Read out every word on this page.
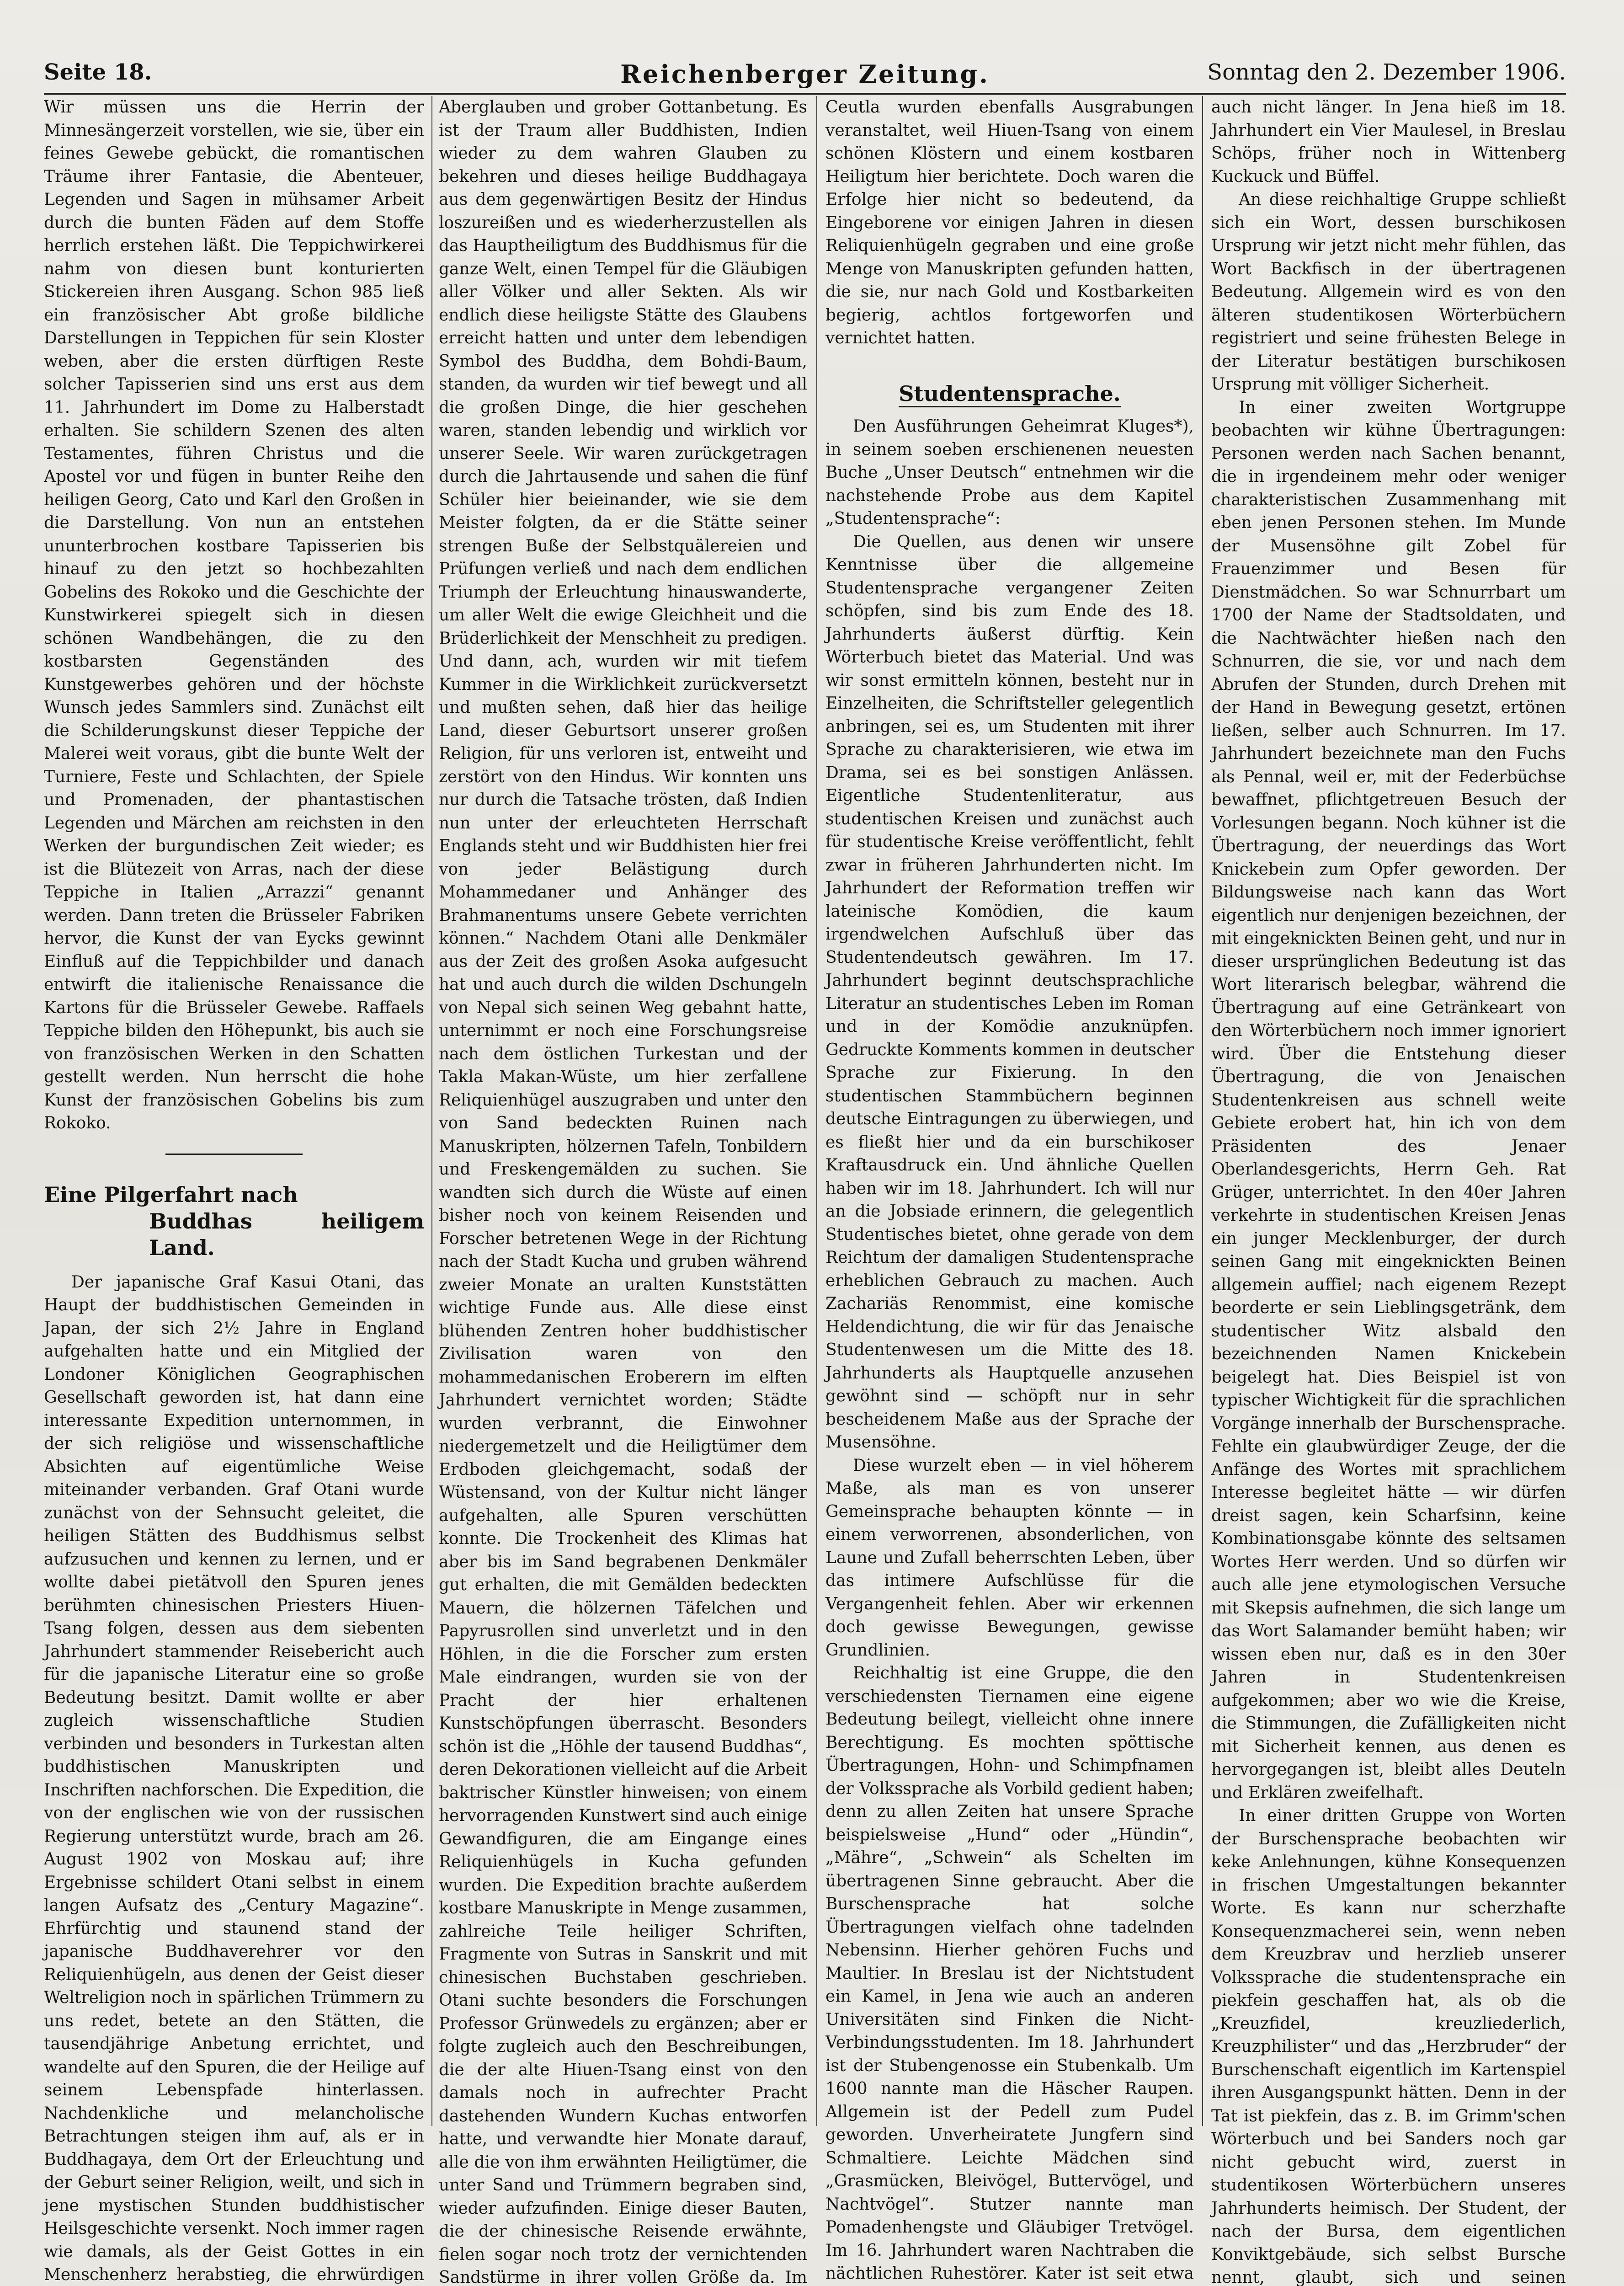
Reichenberger Zeitung.
Seite 18.	Sonntag den 2. Dezember 1906.

Wir müssen uns die Herrin der Minnesängerzeit vorstellen, wie sie, über ein feines Gewebe gebückt, die romantischen Träume ihrer Fantasie, die Abenteuer, Legenden und Sagen in mühsamer Arbeit durch die bunten Fäden auf dem Stoffe herrlich erstehen läßt. Die Teppichwirkerei nahm von diesen bunt konturierten Stickereien ihren Ausgang. Schon 985 ließ ein französischer Abt große bildliche Darstellungen in Teppichen für sein Kloster weben, aber die ersten dürftigen Reste solcher Tapisserien sind uns erst aus dem 11. Jahrhundert im Dome zu Halberstadt erhalten. Sie schildern Szenen des alten Testamentes, führen Christus und die Apostel vor und fügen in bunter Reihe den heiligen Georg, Cato und Karl den Großen in die Darstellung. Von nun an entstehen ununterbrochen kostbare Tapisserien bis hinauf zu den jetzt so hochbezahlten Gobelins des Rokoko und die Geschichte der Kunstwirkerei spiegelt sich in diesen schönen Wandbehängen, die zu den kostbarsten Gegenständen des Kunstgewerbes gehören und der höchste Wunsch jedes Sammlers sind. Zunächst eilt die Schilderungskunst dieser Teppiche der Malerei weit voraus, gibt die bunte Welt der Turniere, Feste und Schlachten, der Spiele und Promenaden, der phantastischen Legenden und Märchen am reichsten in den Werken der burgundischen Zeit wieder; es ist die Blütezeit von Arras, nach der diese Teppiche in Italien „Arrazzi“ genannt werden. Dann treten die Brüsseler Fabriken hervor, die Kunst der van Eycks gewinnt Einfluß auf die Teppichbilder und danach entwirft die italienische Renaissance die Kartons für die Brüsseler Gewebe. Raffaels Teppiche bilden den Höhepunkt, bis auch sie von französischen Werken in den Schatten gestellt werden. Nun herrscht die hohe Kunst der französischen Gobelins bis zum Rokoko.

Eine Pilgerfahrt nach
Buddhas heiligem Land.

Der japanische Graf Kasui Otani, das Haupt der buddhistischen Gemeinden in Japan, der sich 2½ Jahre in England aufgehalten hatte und ein Mitglied der Londoner Königlichen Geographischen Gesellschaft geworden ist, hat dann eine interessante Expedition unternommen, in der sich religiöse und wissenschaftliche Absichten auf eigentümliche Weise miteinander verbanden. Graf Otani wurde zunächst von der Sehnsucht geleitet, die heiligen Stätten des Buddhismus selbst aufzusuchen und kennen zu lernen, und er wollte dabei pietätvoll den Spuren jenes berühmten chinesischen Priesters Hiuen-Tsang folgen, dessen aus dem siebenten Jahrhundert stammender Reisebericht auch für die japanische Literatur eine so große Bedeutung besitzt. Damit wollte er aber zugleich wissenschaftliche Studien verbinden und besonders in Turkestan alten buddhistischen Manuskripten und Inschriften nachforschen. Die Expedition, die von der englischen wie von der russischen Regierung unterstützt wurde, brach am 26. August 1902 von Moskau auf; ihre Ergebnisse schildert Otani selbst in einem langen Aufsatz des „Century Magazine“. Ehrfürchtig und staunend stand der japanische Buddhaverehrer vor den Reliquienhügeln, aus denen der Geist dieser Weltreligion noch in spärlichen Trümmern zu uns redet, betete an den Stätten, die tausendjährige Anbetung errichtet, und wandelte auf den Spuren, die der Heilige auf seinem Lebenspfade hinterlassen. Nachdenkliche und melancholische Betrachtungen steigen ihm auf, als er in Buddhagaya, dem Ort der Erleuchtung und der Geburt seiner Religion, weilt, und sich in jene mystischen Stunden buddhistischer Heilsgeschichte versenkt. Noch immer ragen wie damals, als der Geist Gottes in ein Menschenherz herabstieg, die ehrwürdigen

Aberglauben und grober Gottanbetung. Es ist der Traum aller Buddhisten, Indien wieder zu dem wahren Glauben zu bekehren und dieses heilige Buddhagaya aus dem gegenwärtigen Besitz der Hindus loszureißen und es wiederherzustellen als das Hauptheiligtum des Buddhismus für die ganze Welt, einen Tempel für die Gläubigen aller Völker und aller Sekten. Als wir endlich diese heiligste Stätte des Glaubens erreicht hatten und unter dem lebendigen Symbol des Buddha, dem Bohdi-Baum, standen, da wurden wir tief bewegt und all die großen Dinge, die hier geschehen waren, standen lebendig und wirklich vor unserer Seele. Wir waren zurückgetragen durch die Jahrtausende und sahen die fünf Schüler hier beieinander, wie sie dem Meister folgten, da er die Stätte seiner strengen Buße der Selbstquälereien und Prüfungen verließ und nach dem endlichen Triumph der Erleuchtung hinauswanderte, um aller Welt die ewige Gleichheit und die Brüderlichkeit der Menschheit zu predigen. Und dann, ach, wurden wir mit tiefem Kummer in die Wirklichkeit zurückversetzt und mußten sehen, daß hier das heilige Land, dieser Geburtsort unserer großen Religion, für uns verloren ist, entweiht und zerstört von den Hindus. Wir konnten uns nur durch die Tatsache trösten, daß Indien nun unter der erleuchteten Herrschaft Englands steht und wir Buddhisten hier frei von jeder Belästigung durch Mohammedaner und Anhänger des Brahmanentums unsere Gebete verrichten können.“ Nachdem Otani alle Denkmäler aus der Zeit des großen Asoka aufgesucht hat und auch durch die wilden Dschungeln von Nepal sich seinen Weg gebahnt hatte, unternimmt er noch eine Forschungsreise nach dem östlichen Turkestan und der Takla Makan-Wüste, um hier zerfallene Reliquienhügel auszugraben und unter den von Sand bedeckten Ruinen nach Manuskripten, hölzernen Tafeln, Tonbildern und Freskengemälden zu suchen. Sie wandten sich durch die Wüste auf einen bisher noch von keinem Reisenden und Forscher betretenen Wege in der Richtung nach der Stadt Kucha und gruben während zweier Monate an uralten Kunststätten wichtige Funde aus. Alle diese einst blühenden Zentren hoher buddhistischer Zivilisation waren von den mohammedanischen Eroberern im elften Jahrhundert vernichtet worden; Städte wurden verbrannt, die Einwohner niedergemetzelt und die Heiligtümer dem Erdboden gleichgemacht, sodaß der Wüstensand, von der Kultur nicht länger aufgehalten, alle Spuren verschütten konnte. Die Trockenheit des Klimas hat aber bis im Sand begrabenen Denkmäler gut erhalten, die mit Gemälden bedeckten Mauern, die hölzernen Täfelchen und Papyrusrollen sind unverletzt und in den Höhlen, in die die Forscher zum ersten Male eindrangen, wurden sie von der Pracht der hier erhaltenen Kunstschöpfungen überrascht. Besonders schön ist die „Höhle der tausend Buddhas“, deren Dekorationen vielleicht auf die Arbeit baktrischer Künstler hinweisen; von einem hervorragenden Kunstwert sind auch einige Gewandfiguren, die am Eingange eines Reliquienhügels in Kucha gefunden wurden. Die Expedition brachte außerdem kostbare Manuskripte in Menge zusammen, zahlreiche Teile heiliger Schriften, Fragmente von Sutras in Sanskrit und mit chinesischen Buchstaben geschrieben. Otani suchte besonders die Forschungen Professor Grünwedels zu ergänzen; aber er folgte zugleich auch den Beschreibungen, die der alte Hiuen-Tsang einst von den damals noch in aufrechter Pracht dastehenden Wundern Kuchas entworfen hatte, und verwandte hier Monate darauf, alle die von ihm erwähnten Heiligtümer, die unter Sand und Trümmern begraben sind, wieder aufzufinden. Einige dieser Bauten, die der chinesische Reisende erwähnte, fielen sogar noch trotz der vernichtenden Sandstürme in ihrer vollen Größe da. Im

Ceutla wurden ebenfalls Ausgrabungen veranstaltet, weil Hiuen-Tsang von einem schönen Klöstern und einem kostbaren Heiligtum hier berichtete. Doch waren die Erfolge hier nicht so bedeutend, da Eingeborene vor einigen Jahren in diesen Reliquienhügeln gegraben und eine große Menge von Manuskripten gefunden hatten, die sie, nur nach Gold und Kostbarkeiten begierig, achtlos fortgeworfen und vernichtet hatten.

Studentensprache.

Den Ausführungen Geheimrat Kluges*), in seinem soeben erschienenen neuesten Buche „Unser Deutsch“ entnehmen wir die nachstehende Probe aus dem Kapitel „Studentensprache“:

Die Quellen, aus denen wir unsere Kenntnisse über die allgemeine Studentensprache vergangener Zeiten schöpfen, sind bis zum Ende des 18. Jahrhunderts äußerst dürftig. Kein Wörterbuch bietet das Material. Und was wir sonst ermitteln können, besteht nur in Einzelheiten, die Schriftsteller gelegentlich anbringen, sei es, um Studenten mit ihrer Sprache zu charakterisieren, wie etwa im Drama, sei es bei sonstigen Anlässen. Eigentliche Studentenliteratur, aus studentischen Kreisen und zunächst auch für studentische Kreise veröffentlicht, fehlt zwar in früheren Jahrhunderten nicht. Im Jahrhundert der Reformation treffen wir lateinische Komödien, die kaum irgendwelchen Aufschluß über das Studentendeutsch gewähren. Im 17. Jahrhundert beginnt deutschsprachliche Literatur an studentisches Leben im Roman und in der Komödie anzuknüpfen. Gedruckte Komments kommen in deutscher Sprache zur Fixierung. In den studentischen Stammbüchern beginnen deutsche Eintragungen zu überwiegen, und es fließt hier und da ein burschikoser Kraftausdruck ein. Und ähnliche Quellen haben wir im 18. Jahrhundert. Ich will nur an die Jobsiade erinnern, die gelegentlich Studentisches bietet, ohne gerade von dem Reichtum der damaligen Studentensprache erheblichen Gebrauch zu machen. Auch Zachariäs Renommist, eine komische Heldendichtung, die wir für das Jenaische Studentenwesen um die Mitte des 18. Jahrhunderts als Hauptquelle anzusehen gewöhnt sind — schöpft nur in sehr bescheidenem Maße aus der Sprache der Musensöhne.

Diese wurzelt eben — in viel höherem Maße, als man es von unserer Gemeinsprache behaupten könnte — in einem verworrenen, absonderlichen, von Laune und Zufall beherrschten Leben, über das intimere Aufschlüsse für die Vergangenheit fehlen. Aber wir erkennen doch gewisse Bewegungen, gewisse Grundlinien.

Reichhaltig ist eine Gruppe, die den verschiedensten Tiernamen eine eigene Bedeutung beilegt, vielleicht ohne innere Berechtigung. Es mochten spöttische Übertragungen, Hohn- und Schimpfnamen der Volkssprache als Vorbild gedient haben; denn zu allen Zeiten hat unsere Sprache beispielsweise „Hund“ oder „Hündin“, „Mähre“, „Schwein“ als Schelten im übertragenen Sinne gebraucht. Aber die Burschensprache hat solche Übertragungen vielfach ohne tadelnden Nebensinn. Hierher gehören Fuchs und Maultier. In Breslau ist der Nichtstudent ein Kamel, in Jena wie auch an anderen Universitäten sind Finken die Nicht-Verbindungsstudenten. Im 18. Jahrhundert ist der Stubengenosse ein Stubenkalb. Um 1600 nannte man die Häscher Raupen. Allgemein ist der Pedell zum Pudel geworden. Unverheiratete Jungfern sind Schmaltiere. Leichte Mädchen sind „Grasmücken, Bleivögel, Buttervögel, und Nachtvögel“. Stutzer nannte man Pomadenhengste und Gläubiger Tretvögel. Im 16. Jahrhundert waren Nachtraben die nächtlichen Ruhestörer. Kater ist seit etwa

auch nicht länger. In Jena hieß im 18. Jahrhundert ein Vier Maulesel, in Breslau Schöps, früher noch in Wittenberg Kuckuck und Büffel.

An diese reichhaltige Gruppe schließt sich ein Wort, dessen burschikosen Ursprung wir jetzt nicht mehr fühlen, das Wort Backfisch in der übertragenen Bedeutung. Allgemein wird es von den älteren studentikosen Wörterbüchern registriert und seine frühesten Belege in der Literatur bestätigen burschikosen Ursprung mit völliger Sicherheit.

In einer zweiten Wortgruppe beobachten wir kühne Übertragungen: Personen werden nach Sachen benannt, die in irgendeinem mehr oder weniger charakteristischen Zusammenhang mit eben jenen Personen stehen. Im Munde der Musensöhne gilt Zobel für Frauenzimmer und Besen für Dienstmädchen. So war Schnurrbart um 1700 der Name der Stadtsoldaten, und die Nachtwächter hießen nach den Schnurren, die sie, vor und nach dem Abrufen der Stunden, durch Drehen mit der Hand in Bewegung gesetzt, ertönen ließen, selber auch Schnurren. Im 17. Jahrhundert bezeichnete man den Fuchs als Pennal, weil er, mit der Federbüchse bewaffnet, pflichtgetreuen Besuch der Vorlesungen begann. Noch kühner ist die Übertragung, der neuerdings das Wort Knickebein zum Opfer geworden. Der Bildungsweise nach kann das Wort eigentlich nur denjenigen bezeichnen, der mit eingeknickten Beinen geht, und nur in dieser ursprünglichen Bedeutung ist das Wort literarisch belegbar, während die Übertragung auf eine Getränkeart von den Wörterbüchern noch immer ignoriert wird. Über die Entstehung dieser Übertragung, die von Jenaischen Studentenkreisen aus schnell weite Gebiete erobert hat, hin ich von dem Präsidenten des Jenaer Oberlandesgerichts, Herrn Geh. Rat Grüger, unterrichtet. In den 40er Jahren verkehrte in studentischen Kreisen Jenas ein junger Mecklenburger, der durch seinen Gang mit eingeknickten Beinen allgemein auffiel; nach eigenem Rezept beorderte er sein Lieblingsgetränk, dem studentischer Witz alsbald den bezeichnenden Namen Knickebein beigelegt hat. Dies Beispiel ist von typischer Wichtigkeit für die sprachlichen Vorgänge innerhalb der Burschensprache. Fehlte ein glaubwürdiger Zeuge, der die Anfänge des Wortes mit sprachlichem Interesse begleitet hätte — wir dürfen dreist sagen, kein Scharfsinn, keine Kombinationsgabe könnte des seltsamen Wortes Herr werden. Und so dürfen wir auch alle jene etymologischen Versuche mit Skepsis aufnehmen, die sich lange um das Wort Salamander bemüht haben; wir wissen eben nur, daß es in den 30er Jahren in Studentenkreisen aufgekommen; aber wo wie die Kreise, die Stimmungen, die Zufälligkeiten nicht mit Sicherheit kennen, aus denen es hervorgegangen ist, bleibt alles Deuteln und Erklären zweifelhaft.

In einer dritten Gruppe von Worten der Burschensprache beobachten wir keke Anlehnungen, kühne Konsequenzen in frischen Umgestaltungen bekannter Worte. Es kann nur scherzhafte Konsequenzmacherei sein, wenn neben dem Kreuzbrav und herzlieb unserer Volkssprache die studentensprache ein piekfein geschaffen hat, als ob die „Kreuzfidel, kreuzliederlich, Kreuzphilister“ und das „Herzbruder“ der Burschenschaft eigentlich im Kartenspiel ihren Ausgangspunkt hätten. Denn in der Tat ist piekfein, das z. B. im Grimm'schen Wörterbuch und bei Sanders noch gar nicht gebucht wird, zuerst in studentikosen Wörterbüchern unseres Jahrhunderts heimisch. Der Student, der nach der Bursa, dem eigentlichen Konviktgebäude, sich selbst Bursche nennt, glaubt, sich und seinen
